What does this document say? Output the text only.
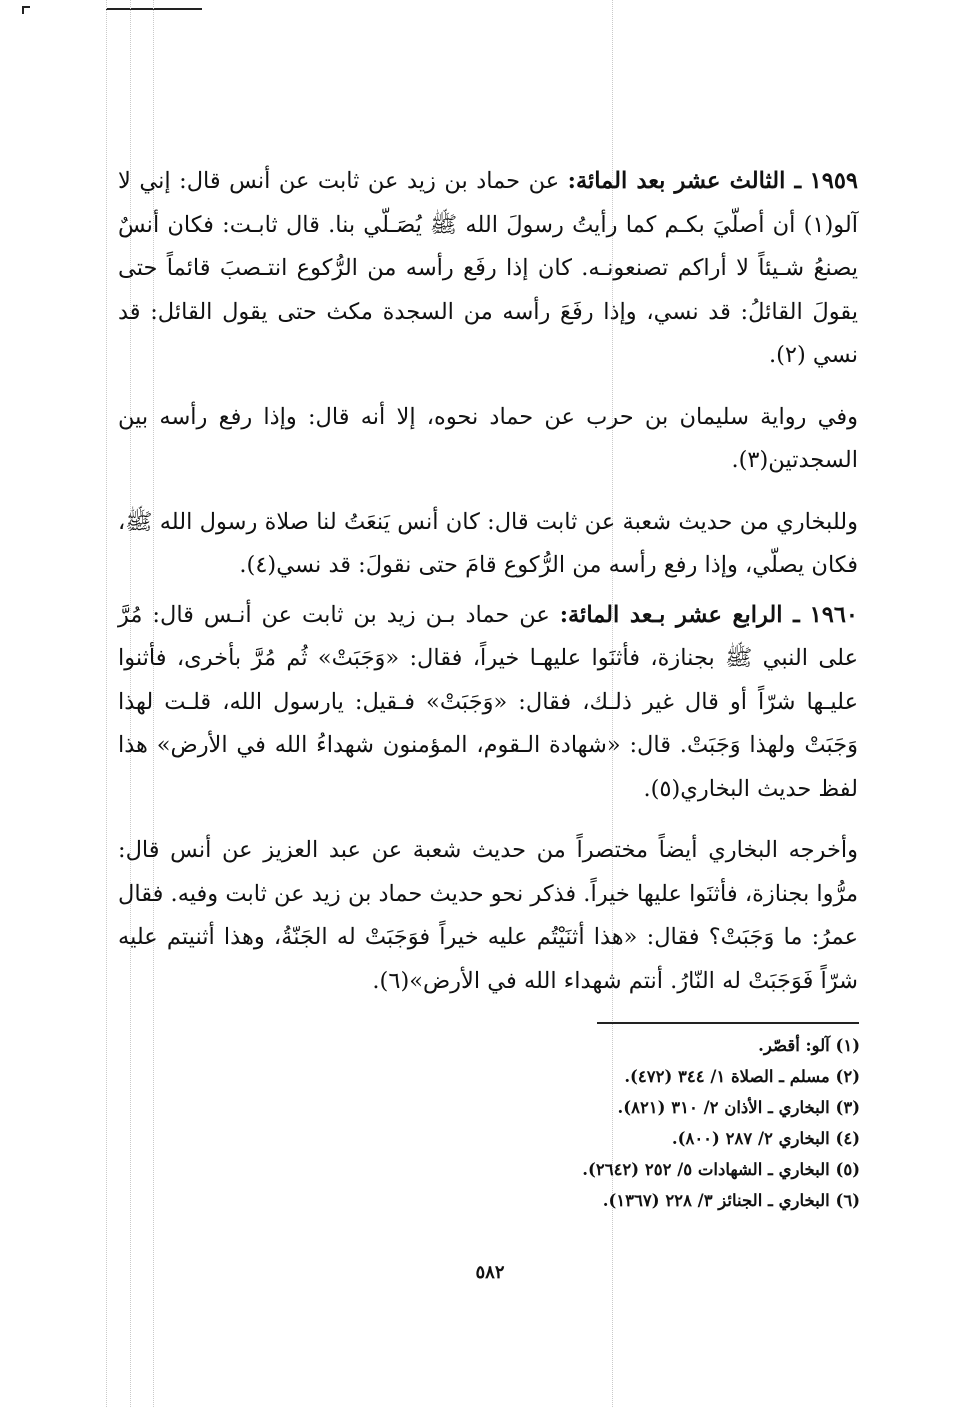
١٩٥٩ ـ الثالث عشر بعد المائة: عن حماد بن زيد عن ثابت عن أنس قال: إني لا آلو(١) أن أصلّيَ بكـم كما رأيتُ رسولَ الله ﷺ يُصَـلّي بنا. قال ثابـت: فكان أنسٌ يصنعُ شـيئاً لا أراكم تصنعونـه. كان إذا رفَع رأسه من الرُّكوع انتـصبَ قائماً حتى يقولَ القائلُ: قد نسي، وإذا رفَعَ رأسه من السجدة مكث حتى يقول القائل: قد نسي (٢).

وفي رواية سليمان بن حرب عن حماد نحوه، إلا أنه قال: وإذا رفع رأسه بين السجدتين(٣).

وللبخاري من حديث شعبة عن ثابت قال: كان أنس يَنعَتُ لنا صلاة رسول الله ﷺ، فكان يصلّي، وإذا رفع رأسه من الرُّكوع قامَ حتى نقولَ: قد نسي(٤).

١٩٦٠ ـ الرابع عشر بـعد المائة: عن حماد بـن زيد بن ثابت عن أنـس قال: مُرَّ على النبي ﷺ بجنازة، فأثنَوا عليهـا خيراً، فقال: «وَجَبَتْ» ثُم مُرَّ بأخرى، فأثنوا عليـها شرّاً أو قال غير ذلـك، فقال: «وَجَبَتْ» فـقيل: يارسول الله، قلـت لهذا وَجَبَتْ ولهذا وَجَبَتْ. قال: «شهادة الـقوم، المؤمنون شهداءُ الله في الأرض» هذا لفظ حديث البخاري(٥).

وأخرجه البخاري أيضاً مختصراً من حديث شعبة عن عبد العزيز عن أنس قال: مرُّوا بجنازة، فأثنَوا عليها خيراً. فذكر نحو حديث حماد بن زيد عن ثابت وفيه. فقال عمرُ: ما وَجَبَتْ؟ فقال: «هذا أثنَيْتُم عليه خيراً فوَجَبَتْ له الجَنّةُ، وهذا أثنيتم عليه شرّاً فَوَجَبَتْ له النّارُ. أنتم شهداء الله في الأرض»(٦).

(١) آلو: أقصّر.
(٢) مسلم ـ الصلاة ١/ ٣٤٤ (٤٧٢).
(٣) البخاري ـ الأذان ٢/ ٣١٠ (٨٢١).
(٤) البخاري ٢/ ٢٨٧ (٨٠٠).
(٥) البخاري ـ الشهادات ٥/ ٢٥٢ (٢٦٤٢).
(٦) البخاري ـ الجنائز ٣/ ٢٢٨ (١٣٦٧).
٥٨٢
